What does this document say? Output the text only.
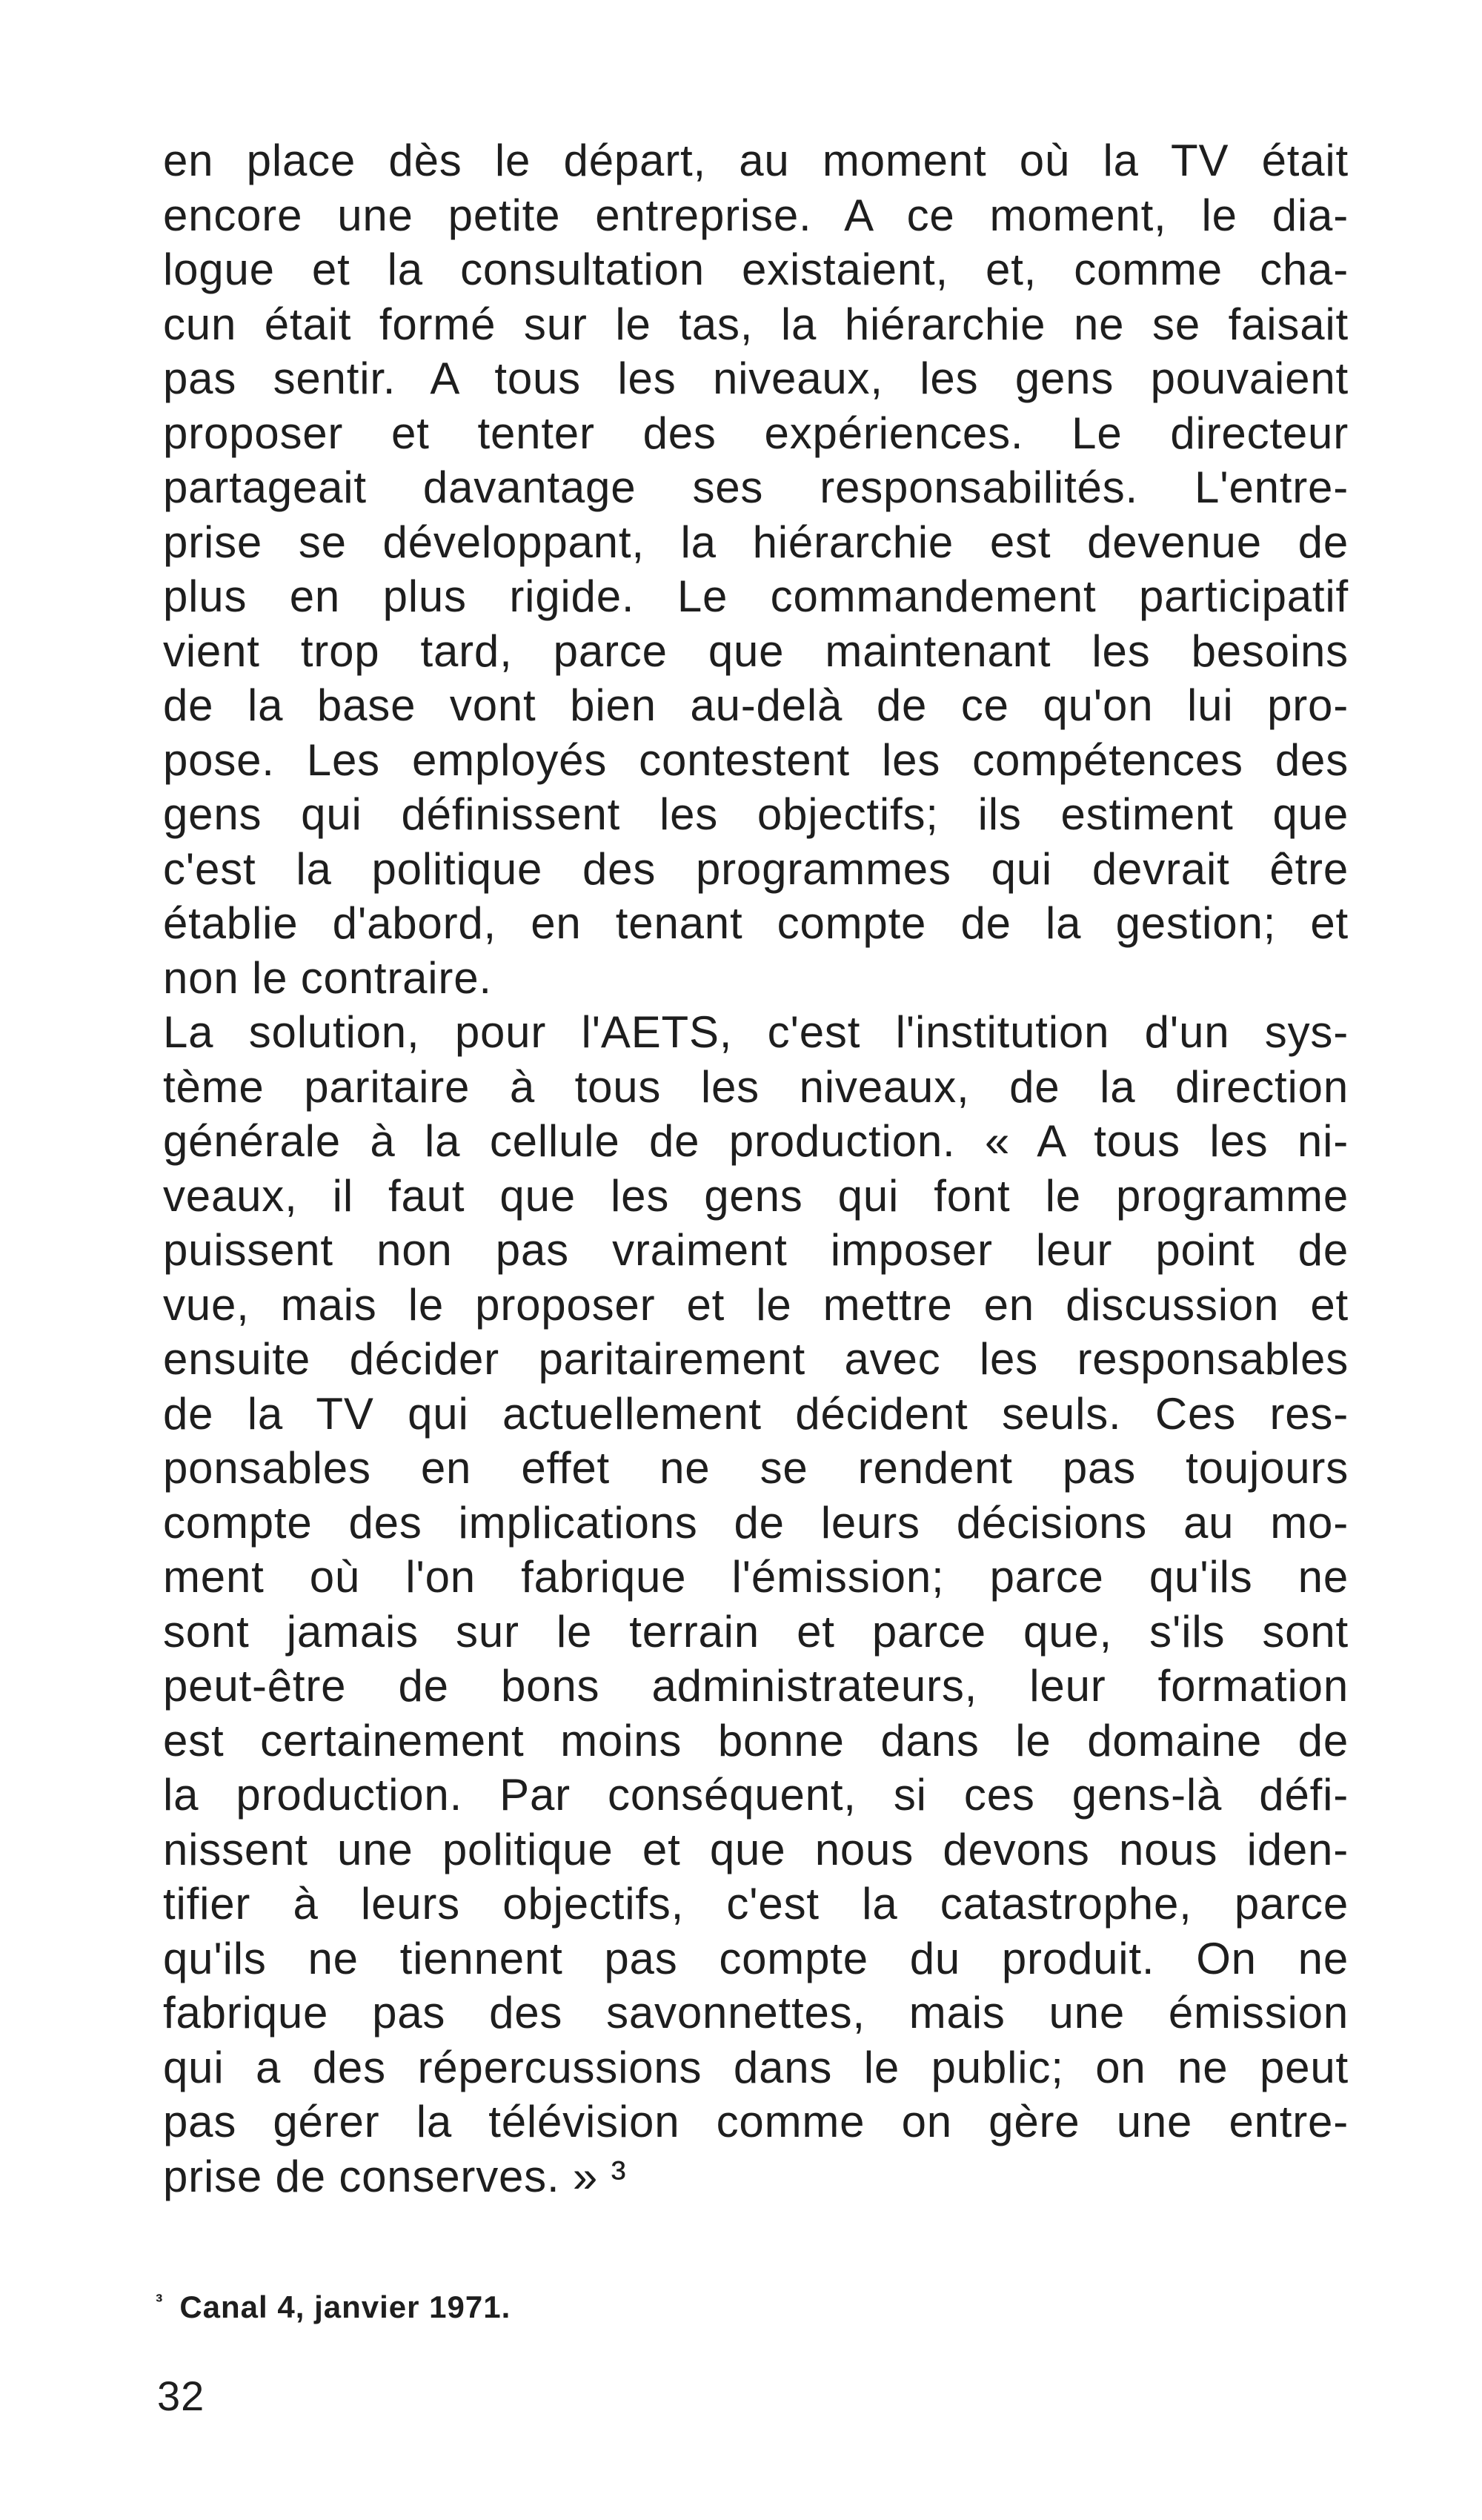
en place dès le départ, au moment où la TV était
encore une petite entreprise. A ce moment, le dia-
logue et la consultation existaient, et, comme cha-
cun était formé sur le tas, la hiérarchie ne se faisait
pas sentir. A tous les niveaux, les gens pouvaient
proposer et tenter des expériences. Le directeur
partageait davantage ses responsabilités. L'entre-
prise se développant, la hiérarchie est devenue de
plus en plus rigide. Le commandement participatif
vient trop tard, parce que maintenant les besoins
de la base vont bien au-delà de ce qu'on lui pro-
pose. Les employés contestent les compétences des
gens qui définissent les objectifs; ils estiment que
c'est la politique des programmes qui devrait être
établie d'abord, en tenant compte de la gestion; et
non le contraire.
La solution, pour l'AETS, c'est l'institution d'un sys-
tème paritaire à tous les niveaux, de la direction
générale à la cellule de production. « A tous les ni-
veaux, il faut que les gens qui font le programme
puissent non pas vraiment imposer leur point de
vue, mais le proposer et le mettre en discussion et
ensuite décider paritairement avec les responsables
de la TV qui actuellement décident seuls. Ces res-
ponsables en effet ne se rendent pas toujours
compte des implications de leurs décisions au mo-
ment où l'on fabrique l'émission; parce qu'ils ne
sont jamais sur le terrain et parce que, s'ils sont
peut-être de bons administrateurs, leur formation
est certainement moins bonne dans le domaine de
la production. Par conséquent, si ces gens-là défi-
nissent une politique et que nous devons nous iden-
tifier à leurs objectifs, c'est la catastrophe, parce
qu'ils ne tiennent pas compte du produit. On ne
fabrique pas des savonnettes, mais une émission
qui a des répercussions dans le public; on ne peut
pas gérer la télévision comme on gère une entre-
prise de conserves. » ³
$^{^3}$ Canal 4, janvier 1971.
32
